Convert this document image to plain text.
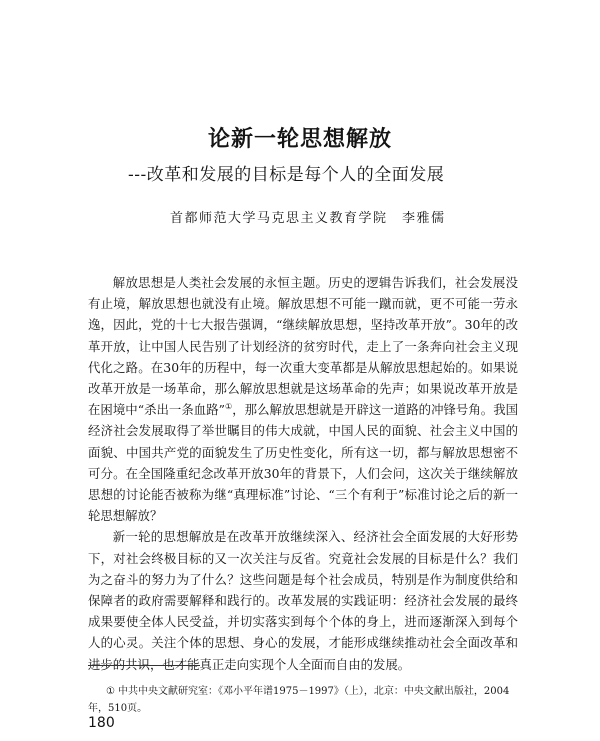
论新一轮思想解放

---改革和发展的目标是每个人的全面发展

首都师范大学马克思主义教育学院　李雅儒

解放思想是人类社会发展的永恒主题。历史的逻辑告诉我们，社会发展没有止境，解放思想也就没有止境。解放思想不可能一蹴而就，更不可能一劳永逸，因此，党的十七大报告强调，“继续解放思想，坚持改革开放”。30年的改革开放，让中国人民告别了计划经济的贫穷时代，走上了一条奔向社会主义现代化之路。在30年的历程中，每一次重大变革都是从解放思想起始的。如果说改革开放是一场革命，那么解放思想就是这场革命的先声；如果说改革开放是在困境中“杀出一条血路”①，那么解放思想就是开辟这一道路的冲锋号角。我国经济社会发展取得了举世瞩目的伟大成就，中国人民的面貌、社会主义中国的面貌、中国共产党的面貌发生了历史性变化，所有这一切，都与解放思想密不可分。在全国隆重纪念改革开放30年的背景下，人们会问，这次关于继续解放思想的讨论能否被称为继“真理标准”讨论、“三个有利于”标准讨论之后的新一轮思想解放？

新一轮的思想解放是在改革开放继续深入、经济社会全面发展的大好形势下，对社会终极目标的又一次关注与反省。究竟社会发展的目标是什么？我们为之奋斗的努力为了什么？这些问题是每个社会成员，特别是作为制度供给和保障者的政府需要解释和践行的。改革发展的实践证明：经济社会发展的最终成果要使全体人民受益，并切实落实到每个个体的身上，进而逐渐深入到每个人的心灵。关注个体的思想、身心的发展，才能形成继续推动社会全面改革和进步的共识，也才能真正走向实现个人全面而自由的发展。

① 中共中央文献研究室：《邓小平年谱1975－1997》（上），北京：中央文献出版社，2004年，510页。

180
